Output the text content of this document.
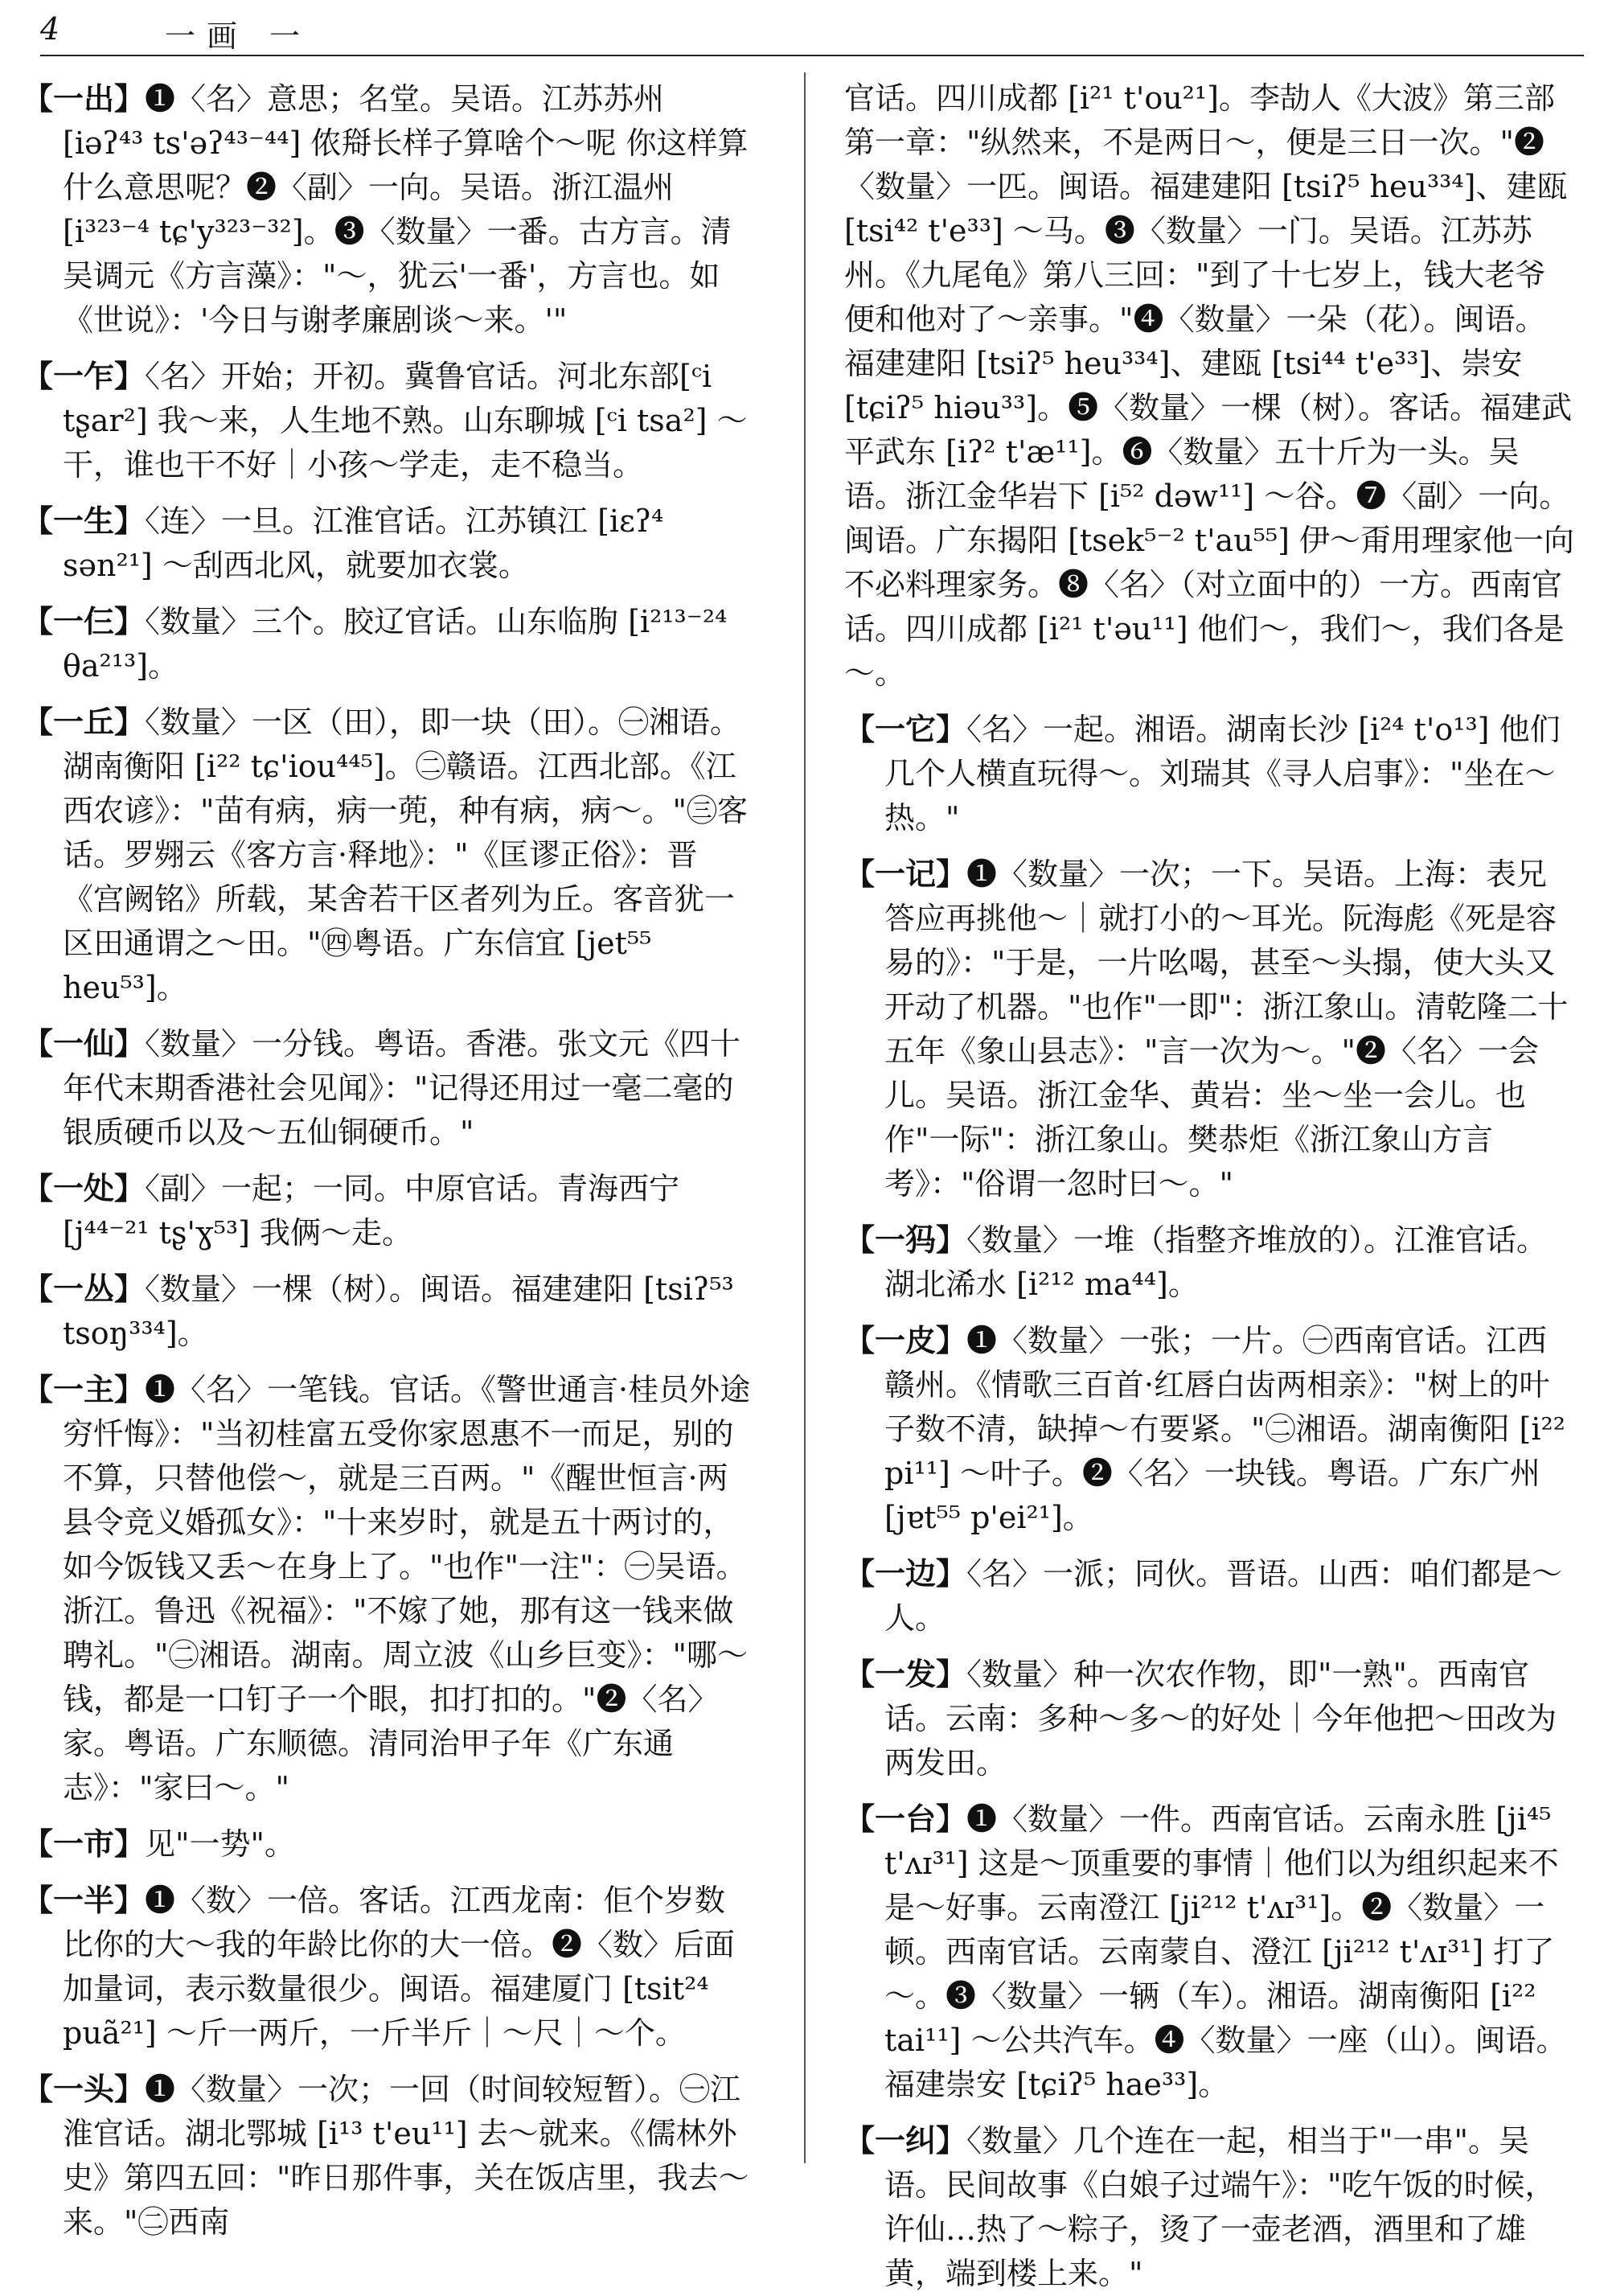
4	一画 一

【一出】❶〈名〉意思；名堂。吴语。江苏苏州 [iəʔ⁴³ ts'əʔ⁴³⁻⁴⁴] 侬搿长样子算啥个～呢 你这样算什么意思呢？❷〈副〉一向。吴语。浙江温州 [i³²³⁻⁴ tɕ'y³²³⁻³²]。❸〈数量〉一番。古方言。清吴调元《方言藻》："～，犹云'一番'，方言也。如《世说》：'今日与谢孝廉剧谈～来。'"

【一乍】〈名〉开始；开初。冀鲁官话。河北东部[ᶜi tʂar²] 我～来，人生地不熟。山东聊城 [ᶜi tsa²] ～干，谁也干不好｜小孩～学走，走不稳当。

【一生】〈连〉一旦。江淮官话。江苏镇江 [iɛʔ⁴ sən²¹] ～刮西北风，就要加衣裳。

【一仨】〈数量〉三个。胶辽官话。山东临朐 [i²¹³⁻²⁴ θa²¹³]。

【一丘】〈数量〉一区（田），即一块（田）。㊀湘语。湖南衡阳 [i²² tɕ'iou⁴⁴⁵]。㊁赣语。江西北部。《江西农谚》："苗有病，病一蔸，种有病，病～。"㊂客话。罗翙云《客方言·释地》："《匡谬正俗》：晋《宫阙铭》所载，某舍若干区者列为丘。客音犹一区田通谓之～田。"㊃粤语。广东信宜 [jet⁵⁵ heu⁵³]。

【一仙】〈数量〉一分钱。粤语。香港。张文元《四十年代末期香港社会见闻》："记得还用过一毫二毫的银质硬币以及～五仙铜硬币。"

【一处】〈副〉一起；一同。中原官话。青海西宁 [j⁴⁴⁻²¹ tʂ'ɣ⁵³] 我俩～走。

【一丛】〈数量〉一棵（树）。闽语。福建建阳 [tsiʔ⁵³ tsoŋ³³⁴]。

【一主】❶〈名〉一笔钱。官话。《警世通言·桂员外途穷忏悔》："当初桂富五受你家恩惠不一而足，别的不算，只替他偿～，就是三百两。"《醒世恒言·两县令竞义婚孤女》："十来岁时，就是五十两讨的，如今饭钱又丢～在身上了。"也作"一注"：㊀吴语。浙江。鲁迅《祝福》："不嫁了她，那有这一钱来做聘礼。"㊁湘语。湖南。周立波《山乡巨变》："哪～钱，都是一口钉子一个眼，扣打扣的。"❷〈名〉家。粤语。广东顺德。清同治甲子年《广东通志》："家曰～。"

【一市】见"一势"。

【一半】❶〈数〉一倍。客话。江西龙南：佢个岁数比你的大～我的年龄比你的大一倍。❷〈数〉后面加量词，表示数量很少。闽语。福建厦门 [tsit²⁴ puã²¹] ～斤一两斤，一斤半斤｜～尺｜～个。

【一头】❶〈数量〉一次；一回（时间较短暂）。㊀江淮官话。湖北鄂城 [i¹³ t'eu¹¹] 去～就来。《儒林外史》第四五回："昨日那件事，关在饭店里，我去～来。"㊁西南

官话。四川成都 [i²¹ t'ou²¹]。李劼人《大波》第三部第一章："纵然来，不是两日～，便是三日一次。"❷〈数量〉一匹。闽语。福建建阳 [tsiʔ⁵ heu³³⁴]、建瓯 [tsi⁴² t'e³³] ～马。❸〈数量〉一门。吴语。江苏苏州。《九尾龟》第八三回："到了十七岁上，钱大老爷便和他对了～亲事。"❹〈数量〉一朵（花）。闽语。福建建阳 [tsiʔ⁵ heu³³⁴]、建瓯 [tsi⁴⁴ t'e³³]、崇安 [tɕiʔ⁵ hiəu³³]。❺〈数量〉一棵（树）。客话。福建武平武东 [iʔ² t'æ¹¹]。❻〈数量〉五十斤为一头。吴语。浙江金华岩下 [i⁵² dəw¹¹] ～谷。❼〈副〉一向。闽语。广东揭阳 [tsek⁵⁻² t'au⁵⁵] 伊～甭用理家他一向不必料理家务。❽〈名〉（对立面中的）一方。西南官话。四川成都 [i²¹ t'əu¹¹] 他们～，我们～，我们各是～。

【一它】〈名〉一起。湘语。湖南长沙 [i²⁴ t'o¹³] 他们几个人横直玩得～。刘瑞其《寻人启事》："坐在～热。"

【一记】❶〈数量〉一次；一下。吴语。上海：表兄答应再挑他～｜就打小的～耳光。阮海彪《死是容易的》："于是，一片吆喝，甚至～头搨，使大头又开动了机器。"也作"一即"：浙江象山。清乾隆二十五年《象山县志》："言一次为～。"❷〈名〉一会儿。吴语。浙江金华、黄岩：坐～坐一会儿。也作"一际"：浙江象山。樊恭炬《浙江象山方言考》："俗谓一忽时曰～。"

【一犸】〈数量〉一堆（指整齐堆放的）。江淮官话。湖北浠水 [i²¹² ma⁴⁴]。

【一皮】❶〈数量〉一张；一片。㊀西南官话。江西赣州。《情歌三百首·红唇白齿两相亲》："树上的叶子数不清，缺掉～冇要紧。"㊁湘语。湖南衡阳 [i²² pi¹¹] ～叶子。❷〈名〉一块钱。粤语。广东广州 [jɐt⁵⁵ p'ei²¹]。

【一边】〈名〉一派；同伙。晋语。山西：咱们都是～人。

【一发】〈数量〉种一次农作物，即"一熟"。西南官话。云南：多种～多～的好处｜今年他把～田改为两发田。

【一台】❶〈数量〉一件。西南官话。云南永胜 [ji⁴⁵ t'ʌɪ³¹] 这是～顶重要的事情｜他们以为组织起来不是～好事。云南澄江 [ji²¹² t'ʌɪ³¹]。❷〈数量〉一顿。西南官话。云南蒙自、澄江 [ji²¹² t'ʌɪ³¹] 打了～。❸〈数量〉一辆（车）。湘语。湖南衡阳 [i²² tai¹¹] ～公共汽车。❹〈数量〉一座（山）。闽语。福建崇安 [tɕiʔ⁵ hae³³]。

【一纠】〈数量〉几个连在一起，相当于"一串"。吴语。民间故事《白娘子过端午》："吃午饭的时候，许仙…热了～粽子，烫了一壶老酒，酒里和了雄黄，端到楼上来。"
